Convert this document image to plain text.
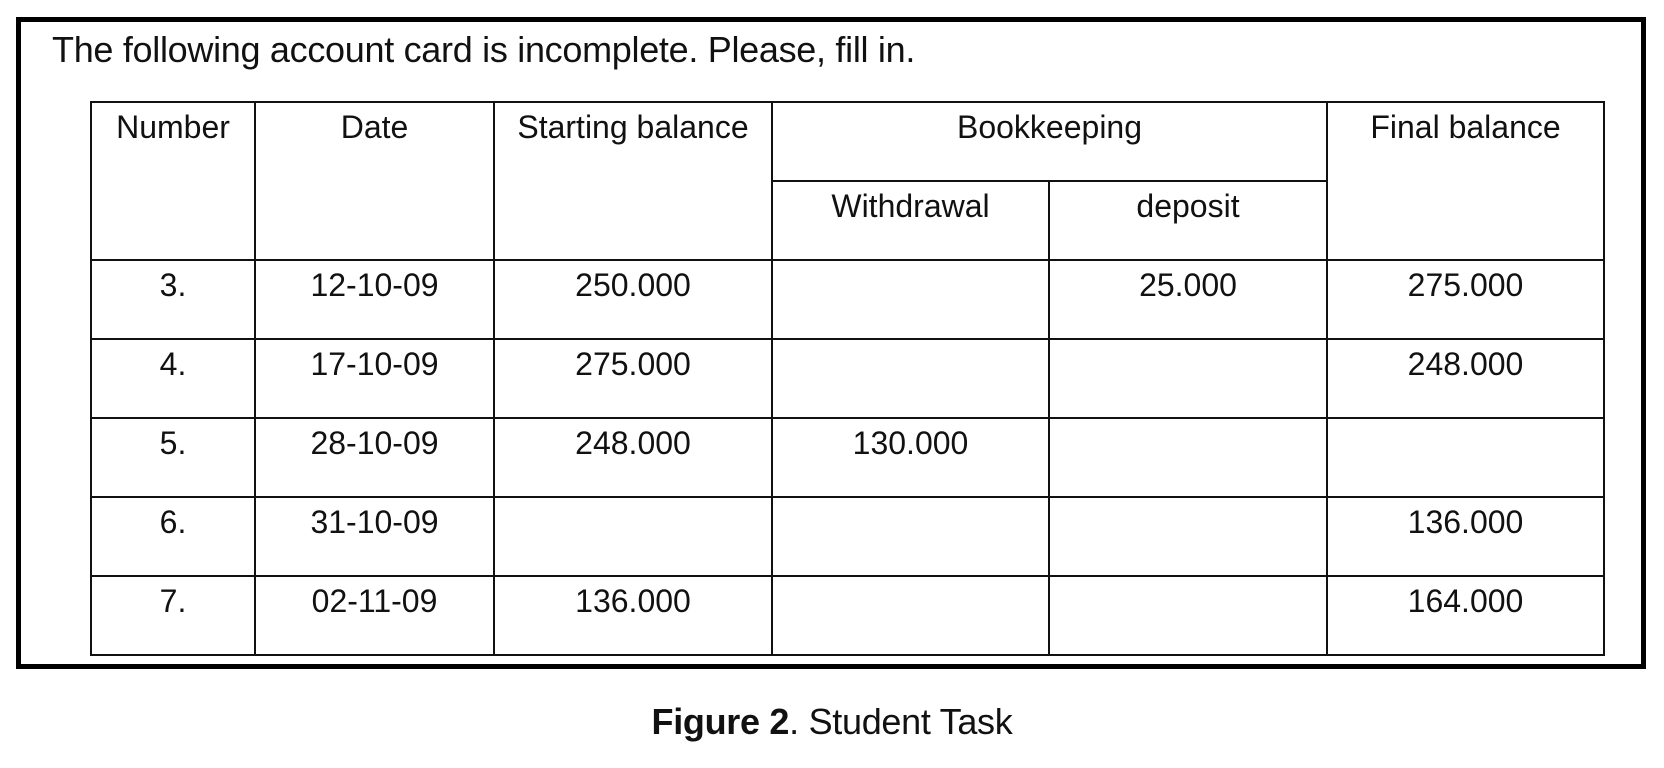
The following account card is incomplete. Please, fill in.
Number	Date	Starting balance	Bookkeeping		Final balance
			Withdrawal	deposit	
3.	12-10-09	250.000		25.000	275.000
4.	17-10-09	275.000			248.000
5.	28-10-09	248.000	130.000		
6.	31-10-09				136.000
7.	02-11-09	136.000			164.000
Figure 2. Student Task
